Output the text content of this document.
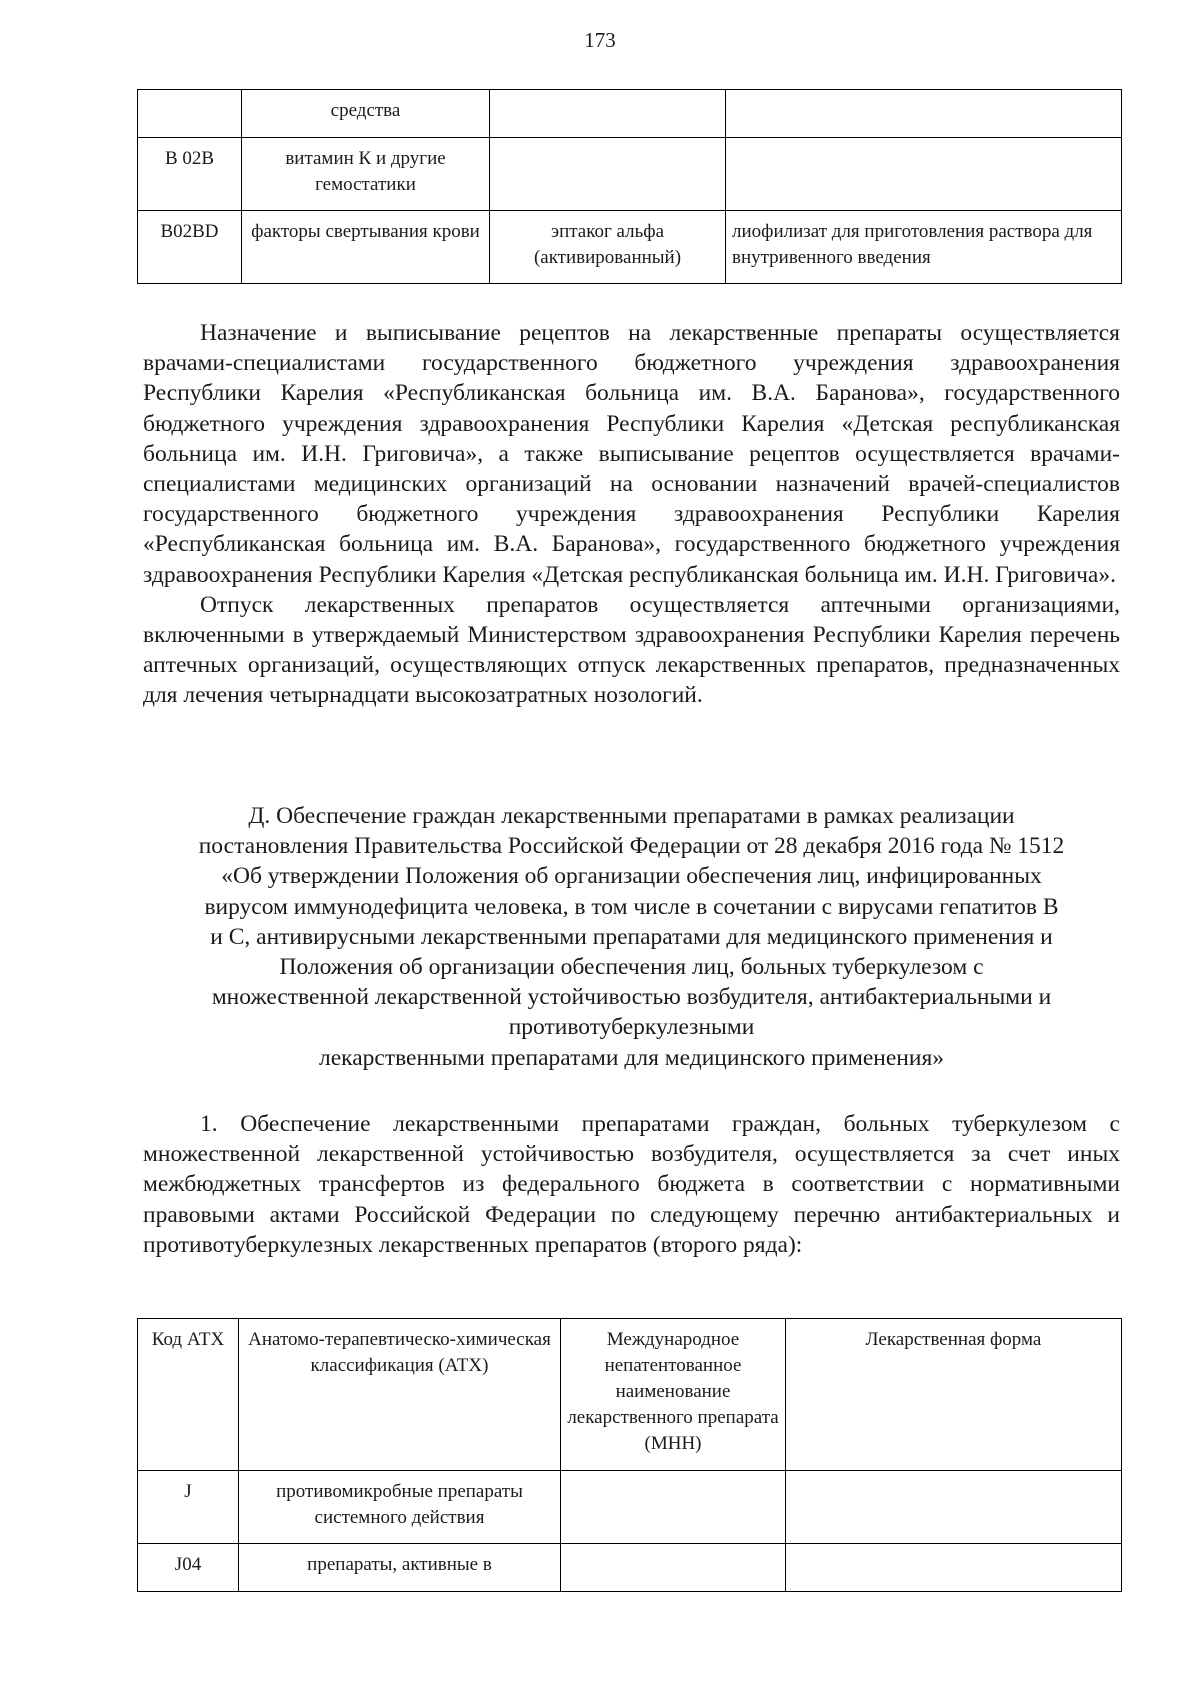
173
	средства		
B 02B	витамин К и другие гемостатики		
B02BD	факторы свертывания крови	эптаког альфа (активированный)	лиофилизат для приготовления раствора для внутривенного введения

Назначение и выписывание рецептов на лекарственные препараты осуществляется врачами-специалистами государственного бюджетного учреждения здравоохранения Республики Карелия «Республиканская больница им. В.А. Баранова», государственного бюджетного учреждения здравоохранения Республики Карелия «Детская республиканская больница им. И.Н. Григовича», а также выписывание рецептов осуществляется врачами-специалистами медицинских организаций на основании назначений врачей-специалистов государственного бюджетного учреждения здравоохранения Республики Карелия «Республиканская больница им. В.А. Баранова», государственного бюджетного учреждения здравоохранения Республики Карелия «Детская республиканская больница им. И.Н. Григовича».

Отпуск лекарственных препаратов осуществляется аптечными организациями, включенными в утверждаемый Министерством здравоохранения Республики Карелия перечень аптечных организаций, осуществляющих отпуск лекарственных препаратов, предназначенных для лечения четырнадцати высокозатратных нозологий.

Д. Обеспечение граждан лекарственными препаратами в рамках реализации
постановления Правительства Российской Федерации от 28 декабря 2016 года № 1512
«Об утверждении Положения об организации обеспечения лиц, инфицированных
вирусом иммунодефицита человека, в том числе в сочетании с вирусами гепатитов B
и C, антивирусными лекарственными препаратами для медицинского применения и
Положения об организации обеспечения лиц, больных туберкулезом с
множественной лекарственной устойчивостью возбудителя, антибактериальными и
противотуберкулезными
лекарственными препаратами для медицинского применения»

1. Обеспечение лекарственными препаратами граждан, больных туберкулезом с множественной лекарственной устойчивостью возбудителя, осуществляется за счет иных межбюджетных трансфертов из федерального бюджета в соответствии с нормативными правовыми актами Российской Федерации по следующему перечню антибактериальных и противотуберкулезных лекарственных препаратов (второго ряда):

Код АТХ	Анатомо-терапевтическо-химическая классификация (АТХ)	Международное непатентованное наименование лекарственного препарата (МНН)	Лекарственная форма
J	противомикробные препараты системного действия		
J04	препараты, активные в		
